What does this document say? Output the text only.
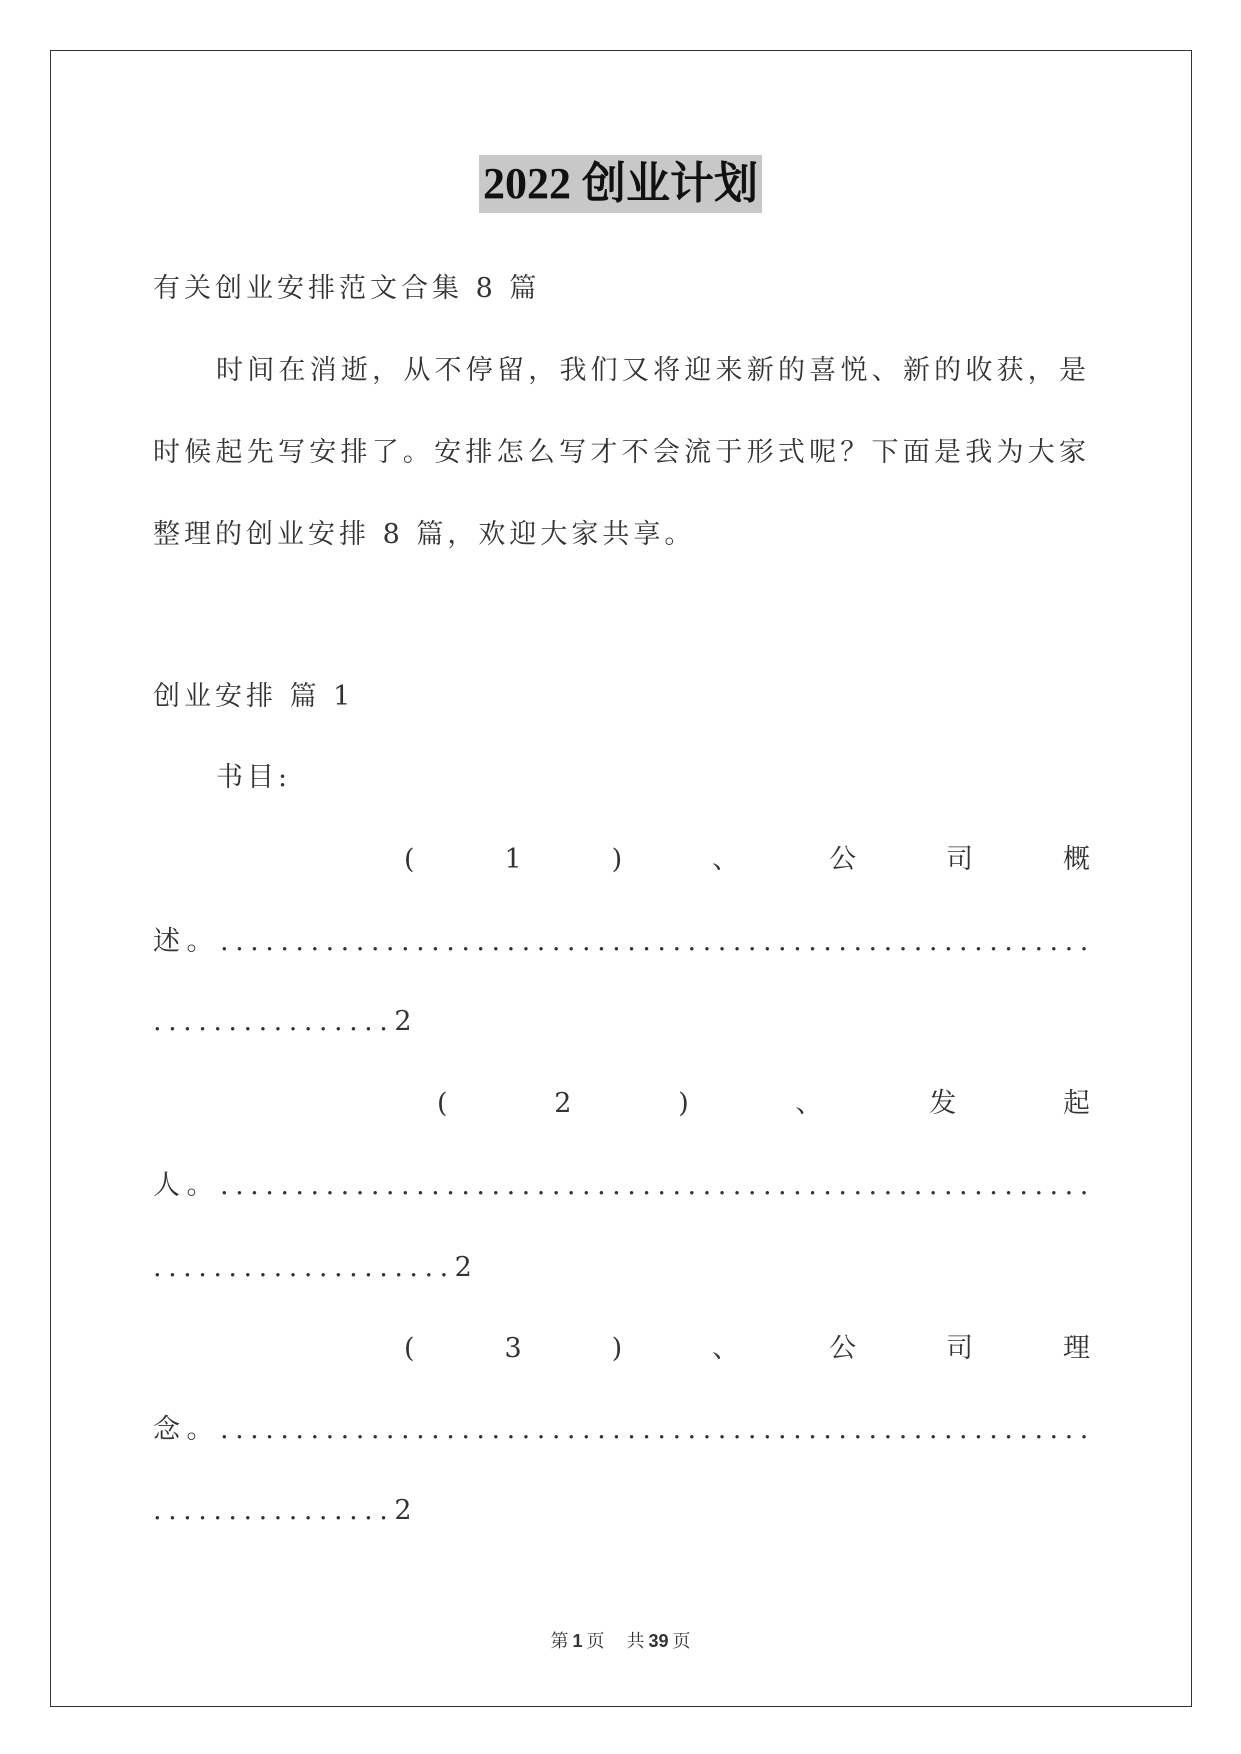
2022 创业计划
有关创业安排范文合集 8 篇
时间在消逝，从不停留，我们又将迎来新的喜悦、新的收获，是
时候起先写安排了。安排怎么写才不会流于形式呢？下面是我为大家
整理的创业安排 8 篇，欢迎大家共享。
创业安排 篇 1
书目:
(	1	)	、	公	司	概
述。..........................................................
................2
(	2	)	、	发	起
人。..........................................................
....................2
(	3	)	、	公	司	理
念。..........................................................
................2
第 1 页 共 39 页
